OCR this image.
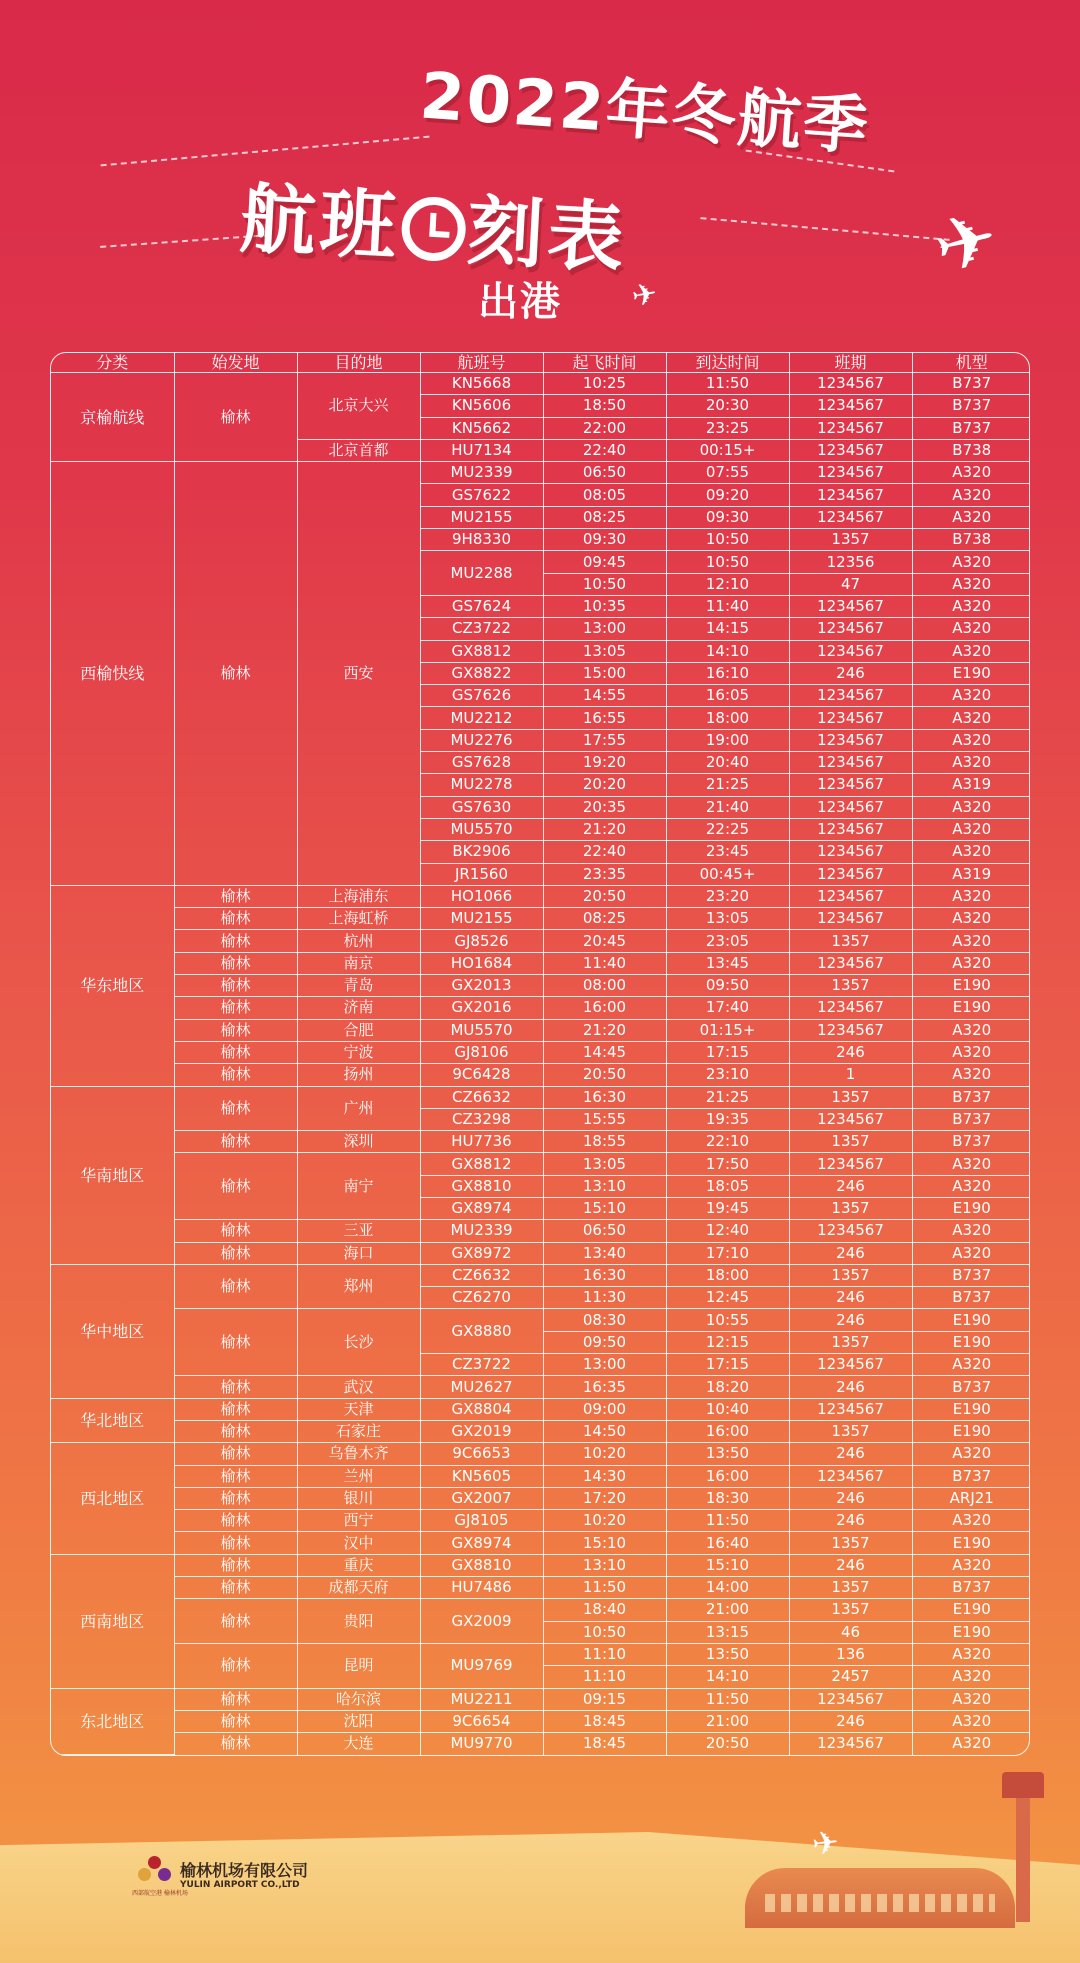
2022年冬航季
航班 刻表	✈
出港 ✈
分类	始发地	目的地	航班号	起飞时间	到达时间	班期	机型
京榆航线	榆林	北京大兴	KN5668	10:25	11:50	1234567	B737
			KN5606	18:50	20:30	1234567	B737
			KN5662	22:00	23:25	1234567	B737
		北京首都	HU7134	22:40	00:15+	1234567	B738
西榆快线	榆林	西安	MU2339	06:50	07:55	1234567	A320
			GS7622	08:05	09:20	1234567	A320
			MU2155	08:25	09:30	1234567	A320
			9H8330	09:30	10:50	1357	B738
			MU2288	09:45	10:50	12356	A320
				10:50	12:10	47	A320
			GS7624	10:35	11:40	1234567	A320
			CZ3722	13:00	14:15	1234567	A320
			GX8812	13:05	14:10	1234567	A320
			GX8822	15:00	16:10	246	E190
			GS7626	14:55	16:05	1234567	A320
			MU2212	16:55	18:00	1234567	A320
			MU2276	17:55	19:00	1234567	A320
			GS7628	19:20	20:40	1234567	A320
			MU2278	20:20	21:25	1234567	A319
			GS7630	20:35	21:40	1234567	A320
			MU5570	21:20	22:25	1234567	A320
			BK2906	22:40	23:45	1234567	A320
			JR1560	23:35	00:45+	1234567	A319
华东地区	榆林	上海浦东	HO1066	20:50	23:20	1234567	A320
	榆林	上海虹桥	MU2155	08:25	13:05	1234567	A320
	榆林	杭州	GJ8526	20:45	23:05	1357	A320
	榆林	南京	HO1684	11:40	13:45	1234567	A320
	榆林	青岛	GX2013	08:00	09:50	1357	E190
	榆林	济南	GX2016	16:00	17:40	1234567	E190
	榆林	合肥	MU5570	21:20	01:15+	1234567	A320
	榆林	宁波	GJ8106	14:45	17:15	246	A320
	榆林	扬州	9C6428	20:50	23:10	1	A320
华南地区	榆林	广州	CZ6632	16:30	21:25	1357	B737
			CZ3298	15:55	19:35	1234567	B737
	榆林	深圳	HU7736	18:55	22:10	1357	B737
	榆林	南宁	GX8812	13:05	17:50	1234567	A320
			GX8810	13:10	18:05	246	A320
			GX8974	15:10	19:45	1357	E190
	榆林	三亚	MU2339	06:50	12:40	1234567	A320
	榆林	海口	GX8972	13:40	17:10	246	A320
华中地区	榆林	郑州	CZ6632	16:30	18:00	1357	B737
			CZ6270	11:30	12:45	246	B737
	榆林	长沙	GX8880	08:30	10:55	246	E190
				09:50	12:15	1357	E190
			CZ3722	13:00	17:15	1234567	A320
	榆林	武汉	MU2627	16:35	18:20	246	B737
华北地区	榆林	天津	GX8804	09:00	10:40	1234567	E190
	榆林	石家庄	GX2019	14:50	16:00	1357	E190
西北地区	榆林	乌鲁木齐	9C6653	10:20	13:50	246	A320
	榆林	兰州	KN5605	14:30	16:00	1234567	B737
	榆林	银川	GX2007	17:20	18:30	246	ARJ21
	榆林	西宁	GJ8105	10:20	11:50	246	A320
	榆林	汉中	GX8974	15:10	16:40	1357	E190
西南地区	榆林	重庆	GX8810	13:10	15:10	246	A320
	榆林	成都天府	HU7486	11:50	14:00	1357	B737
	榆林	贵阳	GX2009	18:40	21:00	1357	E190
				10:50	13:15	46	E190
	榆林	昆明	MU9769	11:10	13:50	136	A320
				11:10	14:10	2457	A320
东北地区	榆林	哈尔滨	MU2211	09:15	11:50	1234567	A320
	榆林	沈阳	9C6654	18:45	21:00	246	A320
	榆林	大连	MU9770	18:45	20:50	1234567	A320
✈
西部航空港 榆林机场
榆林机场有限公司
YULIN AIRPORT CO.,LTD
